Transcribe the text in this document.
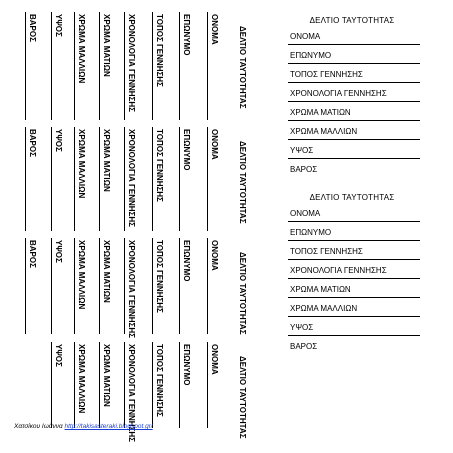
ΔΕΛΤΙΟ ΤΑΥΤΟΤΗΤΑΣ
ΟΝΟΜΑ
ΕΠΩΝΥΜΟ
ΤΟΠΟΣ ΓΕΝΝΗΣΗΣ
ΧΡΟΝΟΛΟΓΙΑ ΓΕΝΝΗΣΗΣ
ΧΡΩΜΑ ΜΑΤΙΩΝ
ΧΡΩΜΑ ΜΑΛΛΙΩΝ
ΥΨΟΣ
ΒΑΡΟΣ
ΔΕΛΤΙΟ ΤΑΥΤΟΤΗΤΑΣ
ΟΝΟΜΑ
ΕΠΩΝΥΜΟ
ΤΟΠΟΣ ΓΕΝΝΗΣΗΣ
ΧΡΟΝΟΛΟΓΙΑ ΓΕΝΝΗΣΗΣ
ΧΡΩΜΑ ΜΑΤΙΩΝ
ΧΡΩΜΑ ΜΑΛΛΙΩΝ
ΥΨΟΣ
ΒΑΡΟΣ
ΔΕΛΤΙΟ ΤΑΥΤΟΤΗΤΑΣ
ΟΝΟΜΑ
ΕΠΩΝΥΜΟ
ΤΟΠΟΣ ΓΕΝΝΗΣΗΣ
ΧΡΟΝΟΛΟΓΙΑ ΓΕΝΝΗΣΗΣ
ΧΡΩΜΑ ΜΑΤΙΩΝ
ΧΡΩΜΑ ΜΑΛΛΙΩΝ
ΥΨΟΣ
ΒΑΡΟΣ
ΔΕΛΤΙΟ ΤΑΥΤΟΤΗΤΑΣ
ΟΝΟΜΑ
ΕΠΩΝΥΜΟ
ΤΟΠΟΣ ΓΕΝΝΗΣΗΣ
ΧΡΟΝΟΛΟΓΙΑ ΓΕΝΝΗΣΗΣ
ΧΡΩΜΑ ΜΑΤΙΩΝ
ΧΡΩΜΑ ΜΑΛΛΙΩΝ
ΥΨΟΣ
ΒΑΡΟΣ
ΔΕΛΤΙΟ ΤΑΥΤΟΤΗΤΑΣ
ΟΝΟΜΑ
ΕΠΩΝΥΜΟ
ΤΟΠΟΣ ΓΕΝΝΗΣΗΣ
ΧΡΟΝΟΛΟΓΙΑ ΓΕΝΝΗΣΗΣ
ΧΡΩΜΑ ΜΑΤΙΩΝ
ΧΡΩΜΑ ΜΑΛΛΙΩΝ
ΥΨΟΣ
ΒΑΡΟΣ
ΔΕΛΤΙΟ ΤΑΥΤΟΤΗΤΑΣ
ΟΝΟΜΑ
ΕΠΩΝΥΜΟ
ΤΟΠΟΣ ΓΕΝΝΗΣΗΣ
ΧΡΟΝΟΛΟΓΙΑ ΓΕΝΝΗΣΗΣ
ΧΡΩΜΑ ΜΑΤΙΩΝ
ΧΡΩΜΑ ΜΑΛΛΙΩΝ
ΥΨΟΣ
Χατσίκου Ιωάννα http://takisasteraki.blogspot.gr/
